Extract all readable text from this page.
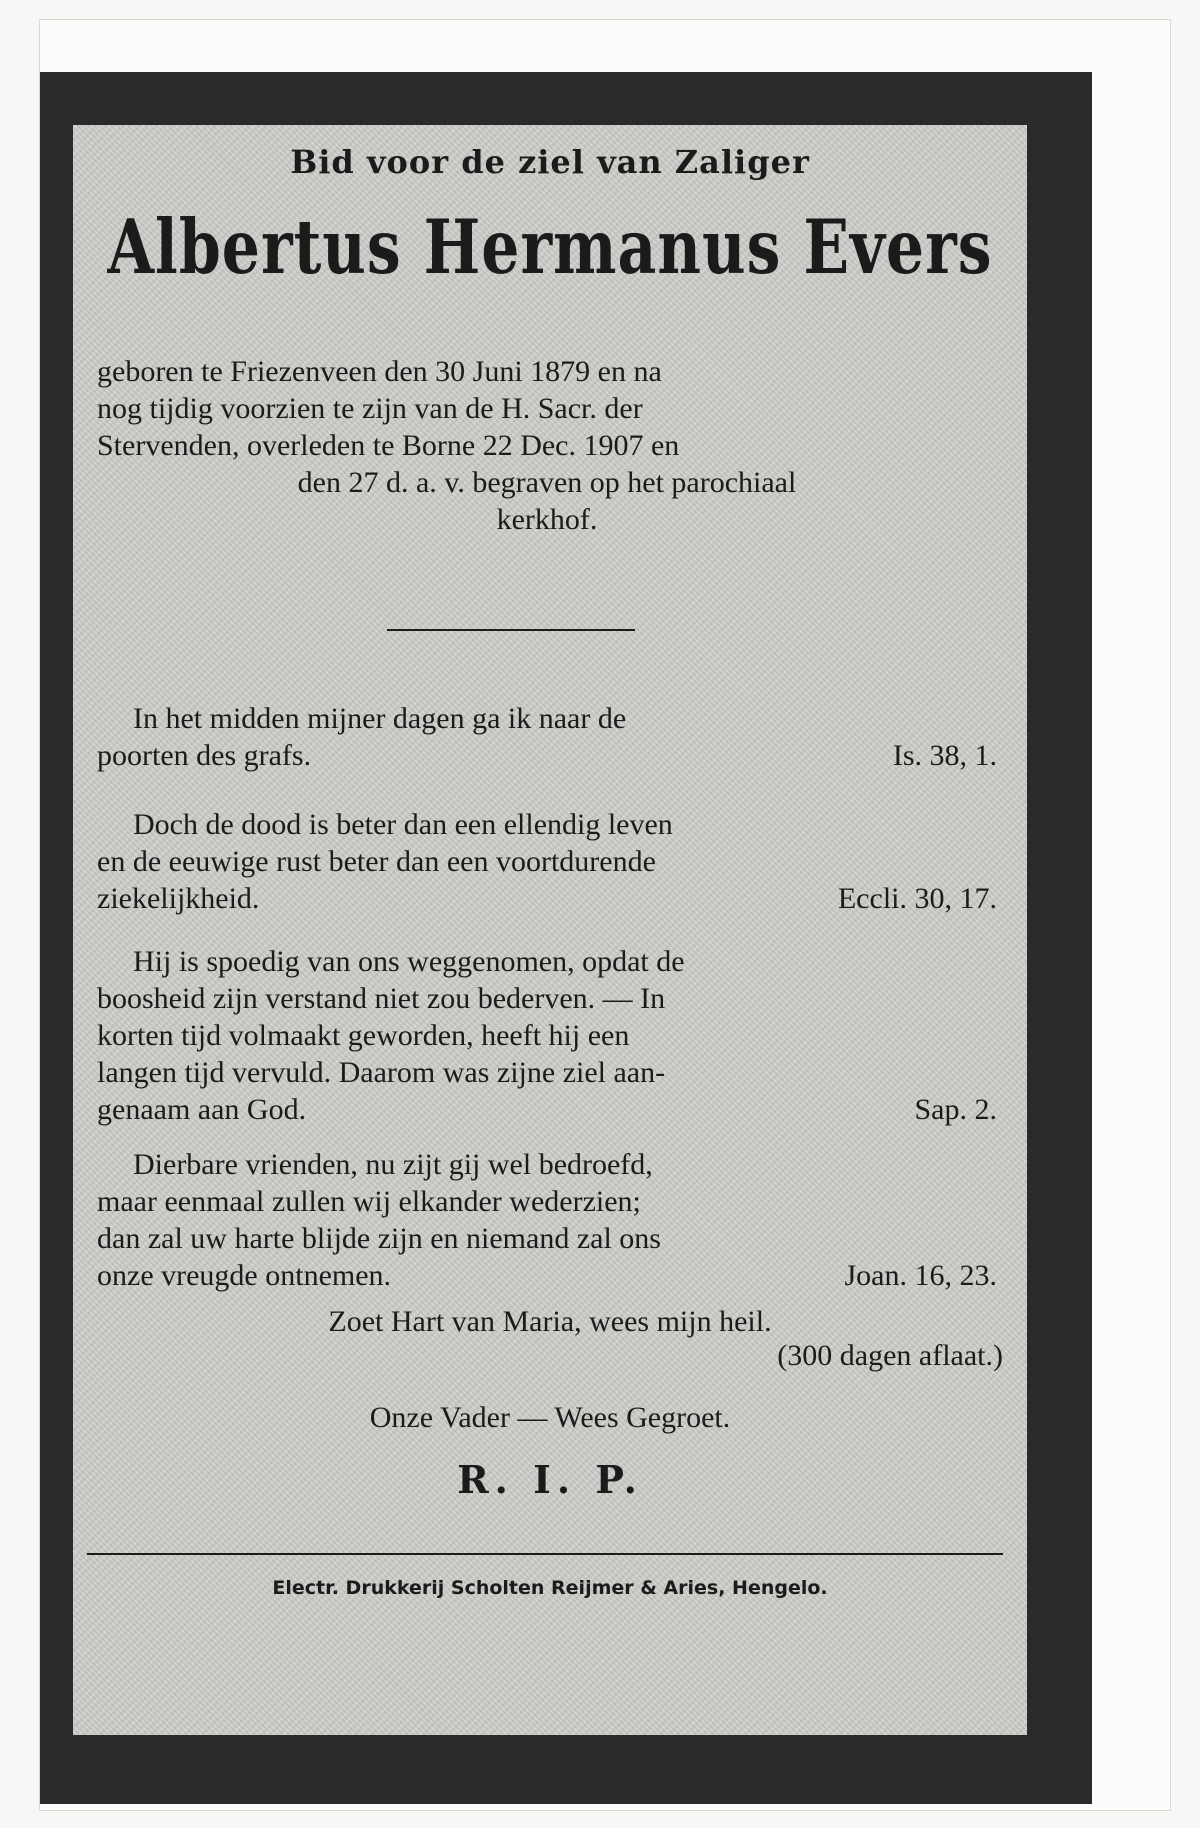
Bid voor de ziel van Zaliger
Albertus Hermanus Evers
geboren te Friezenveen den 30 Juni 1879 en na
nog tijdig voorzien te zijn van de H. Sacr. der
Stervenden, overleden te Borne 22 Dec. 1907 en
den 27 d. a. v. begraven op het parochiaal
kerkhof.
In het midden mijner dagen ga ik naar de
poorten des grafs.	Is. 38, 1.
Doch de dood is beter dan een ellendig leven
en de eeuwige rust beter dan een voortdurende
ziekelijkheid.	Eccli. 30, 17.
Hij is spoedig van ons weggenomen, opdat de
boosheid zijn verstand niet zou bederven. — In
korten tijd volmaakt geworden, heeft hij een
langen tijd vervuld. Daarom was zijne ziel aan-
genaam aan God.	Sap. 2.
Dierbare vrienden, nu zijt gij wel bedroefd,
maar eenmaal zullen wij elkander wederzien;
dan zal uw harte blijde zijn en niemand zal ons
onze vreugde ontnemen.	Joan. 16, 23.
Zoet Hart van Maria, wees mijn heil.
(300 dagen aflaat.)
Onze Vader — Wees Gegroet.
R. I. P.
Electr. Drukkerij Scholten Reijmer & Aries, Hengelo.
